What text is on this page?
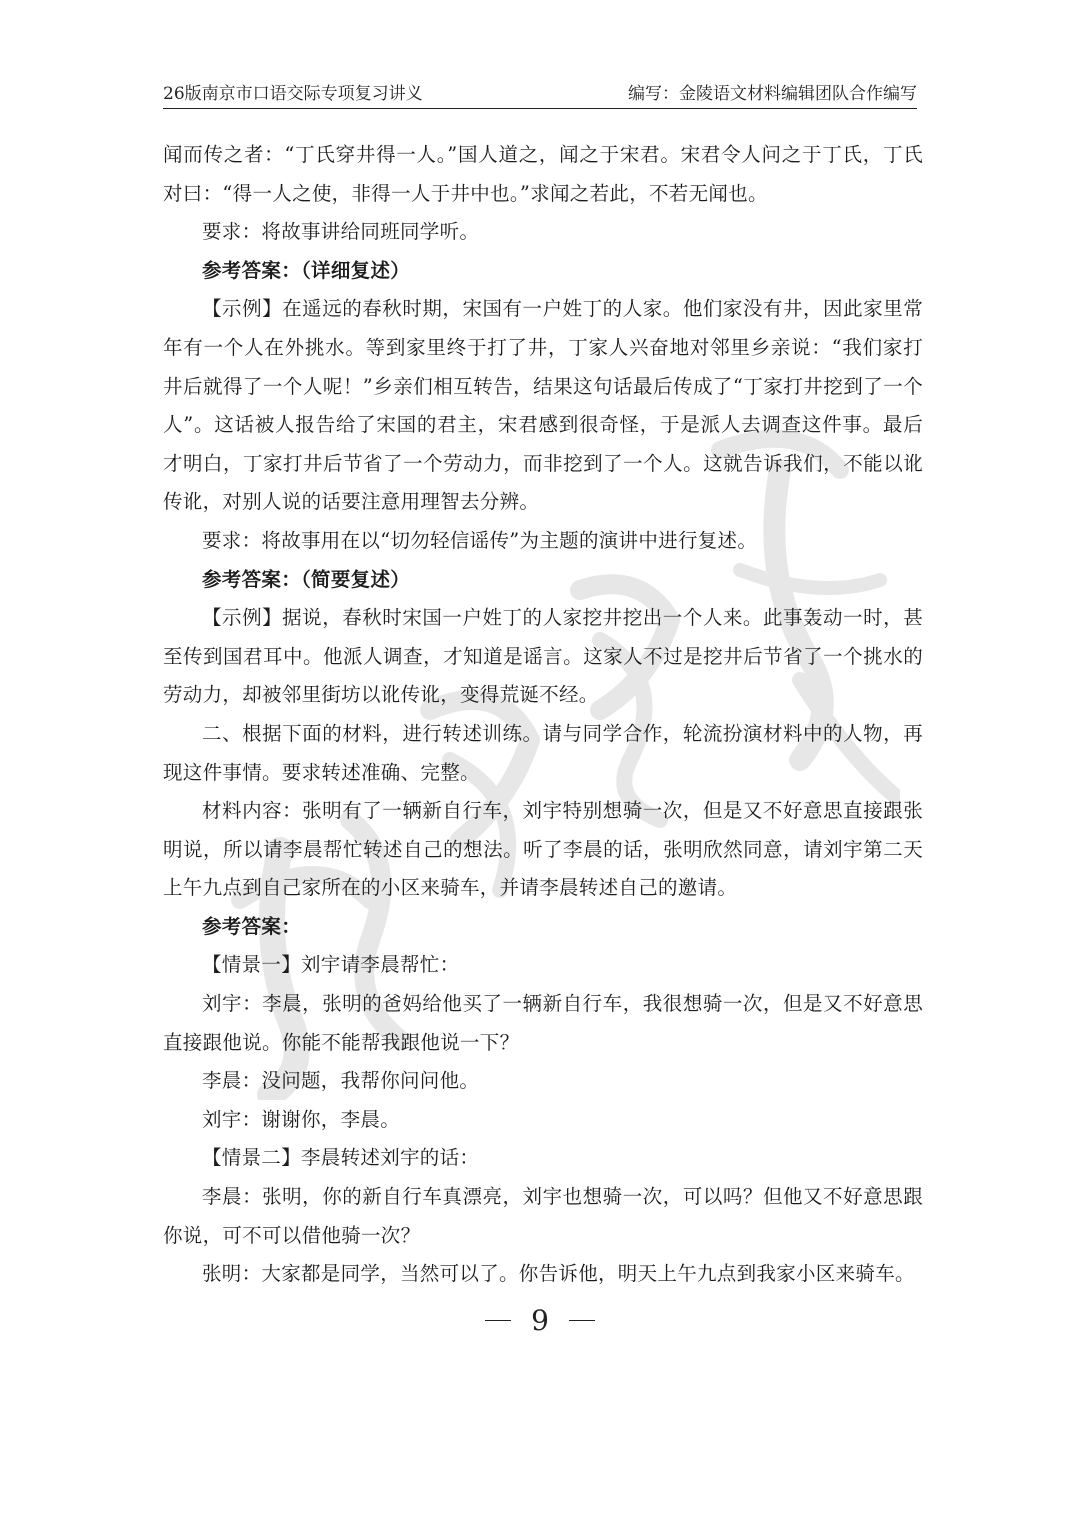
26版南京市口语交际专项复习讲义	编写：金陵语文材料编辑团队合作编写

闻而传之者：“丁氏穿井得一人。”国人道之，闻之于宋君。宋君令人问之于丁氏，丁氏对曰：“得一人之使，非得一人于井中也。”求闻之若此，不若无闻也。

要求：将故事讲给同班同学听。

参考答案：（详细复述）

【示例】在遥远的春秋时期，宋国有一户姓丁的人家。他们家没有井，因此家里常年有一个人在外挑水。等到家里终于打了井，丁家人兴奋地对邻里乡亲说：“我们家打井后就得了一个人呢！”乡亲们相互转告，结果这句话最后传成了“丁家打井挖到了一个人”。这话被人报告给了宋国的君主，宋君感到很奇怪，于是派人去调查这件事。最后才明白，丁家打井后节省了一个劳动力，而非挖到了一个人。这就告诉我们，不能以讹传讹，对别人说的话要注意用理智去分辨。

要求：将故事用在以“切勿轻信谣传”为主题的演讲中进行复述。

参考答案：（简要复述）

【示例】据说，春秋时宋国一户姓丁的人家挖井挖出一个人来。此事轰动一时，甚至传到国君耳中。他派人调查，才知道是谣言。这家人不过是挖井后节省了一个挑水的劳动力，却被邻里街坊以讹传讹，变得荒诞不经。

二、根据下面的材料，进行转述训练。请与同学合作，轮流扮演材料中的人物，再现这件事情。要求转述准确、完整。

材料内容：张明有了一辆新自行车，刘宇特别想骑一次，但是又不好意思直接跟张明说，所以请李晨帮忙转述自己的想法。听了李晨的话，张明欣然同意，请刘宇第二天上午九点到自己家所在的小区来骑车，并请李晨转述自己的邀请。

参考答案：

【情景一】刘宇请李晨帮忙：

刘宇：李晨，张明的爸妈给他买了一辆新自行车，我很想骑一次，但是又不好意思直接跟他说。你能不能帮我跟他说一下？

李晨：没问题，我帮你问问他。

刘宇：谢谢你，李晨。

【情景二】李晨转述刘宇的话：

李晨：张明，你的新自行车真漂亮，刘宇也想骑一次，可以吗？但他又不好意思跟你说，可不可以借他骑一次？

张明：大家都是同学，当然可以了。你告诉他，明天上午九点到我家小区来骑车。

9
